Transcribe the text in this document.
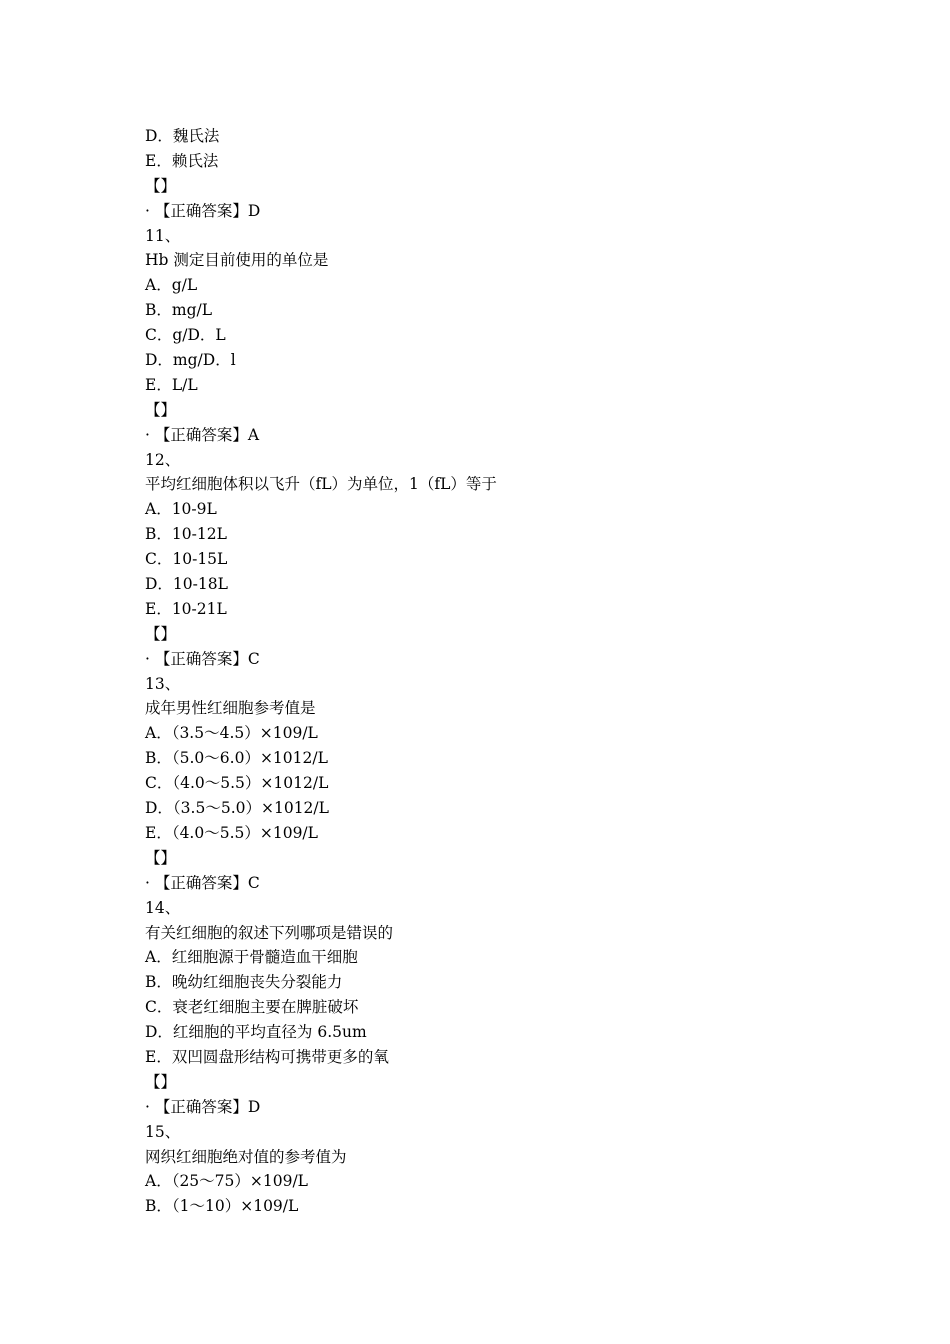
D．魏氏法
E．赖氏法
【】
· 【正确答案】D
11、
Hb 测定目前使用的单位是
A．g/L
B．mg/L
C．g/D．L
D．mg/D．l
E．L/L
【】
· 【正确答案】A
12、
平均红细胞体积以飞升（fL）为单位，1（fL）等于
A．10-9L
B．10-12L
C．10-15L
D．10-18L
E．10-21L
【】
· 【正确答案】C
13、
成年男性红细胞参考值是
A．（3.5～4.5）×109/L
B．（5.0～6.0）×1012/L
C．（4.0～5.5）×1012/L
D．（3.5～5.0）×1012/L
E．（4.0～5.5）×109/L
【】
· 【正确答案】C
14、
有关红细胞的叙述下列哪项是错误的
A．红细胞源于骨髓造血干细胞
B．晚幼红细胞丧失分裂能力
C．衰老红细胞主要在脾脏破坏
D．红细胞的平均直径为 6.5um
E．双凹圆盘形结构可携带更多的氧
【】
· 【正确答案】D
15、
网织红细胞绝对值的参考值为
A．（25～75）×109/L
B．（1～10）×109/L
